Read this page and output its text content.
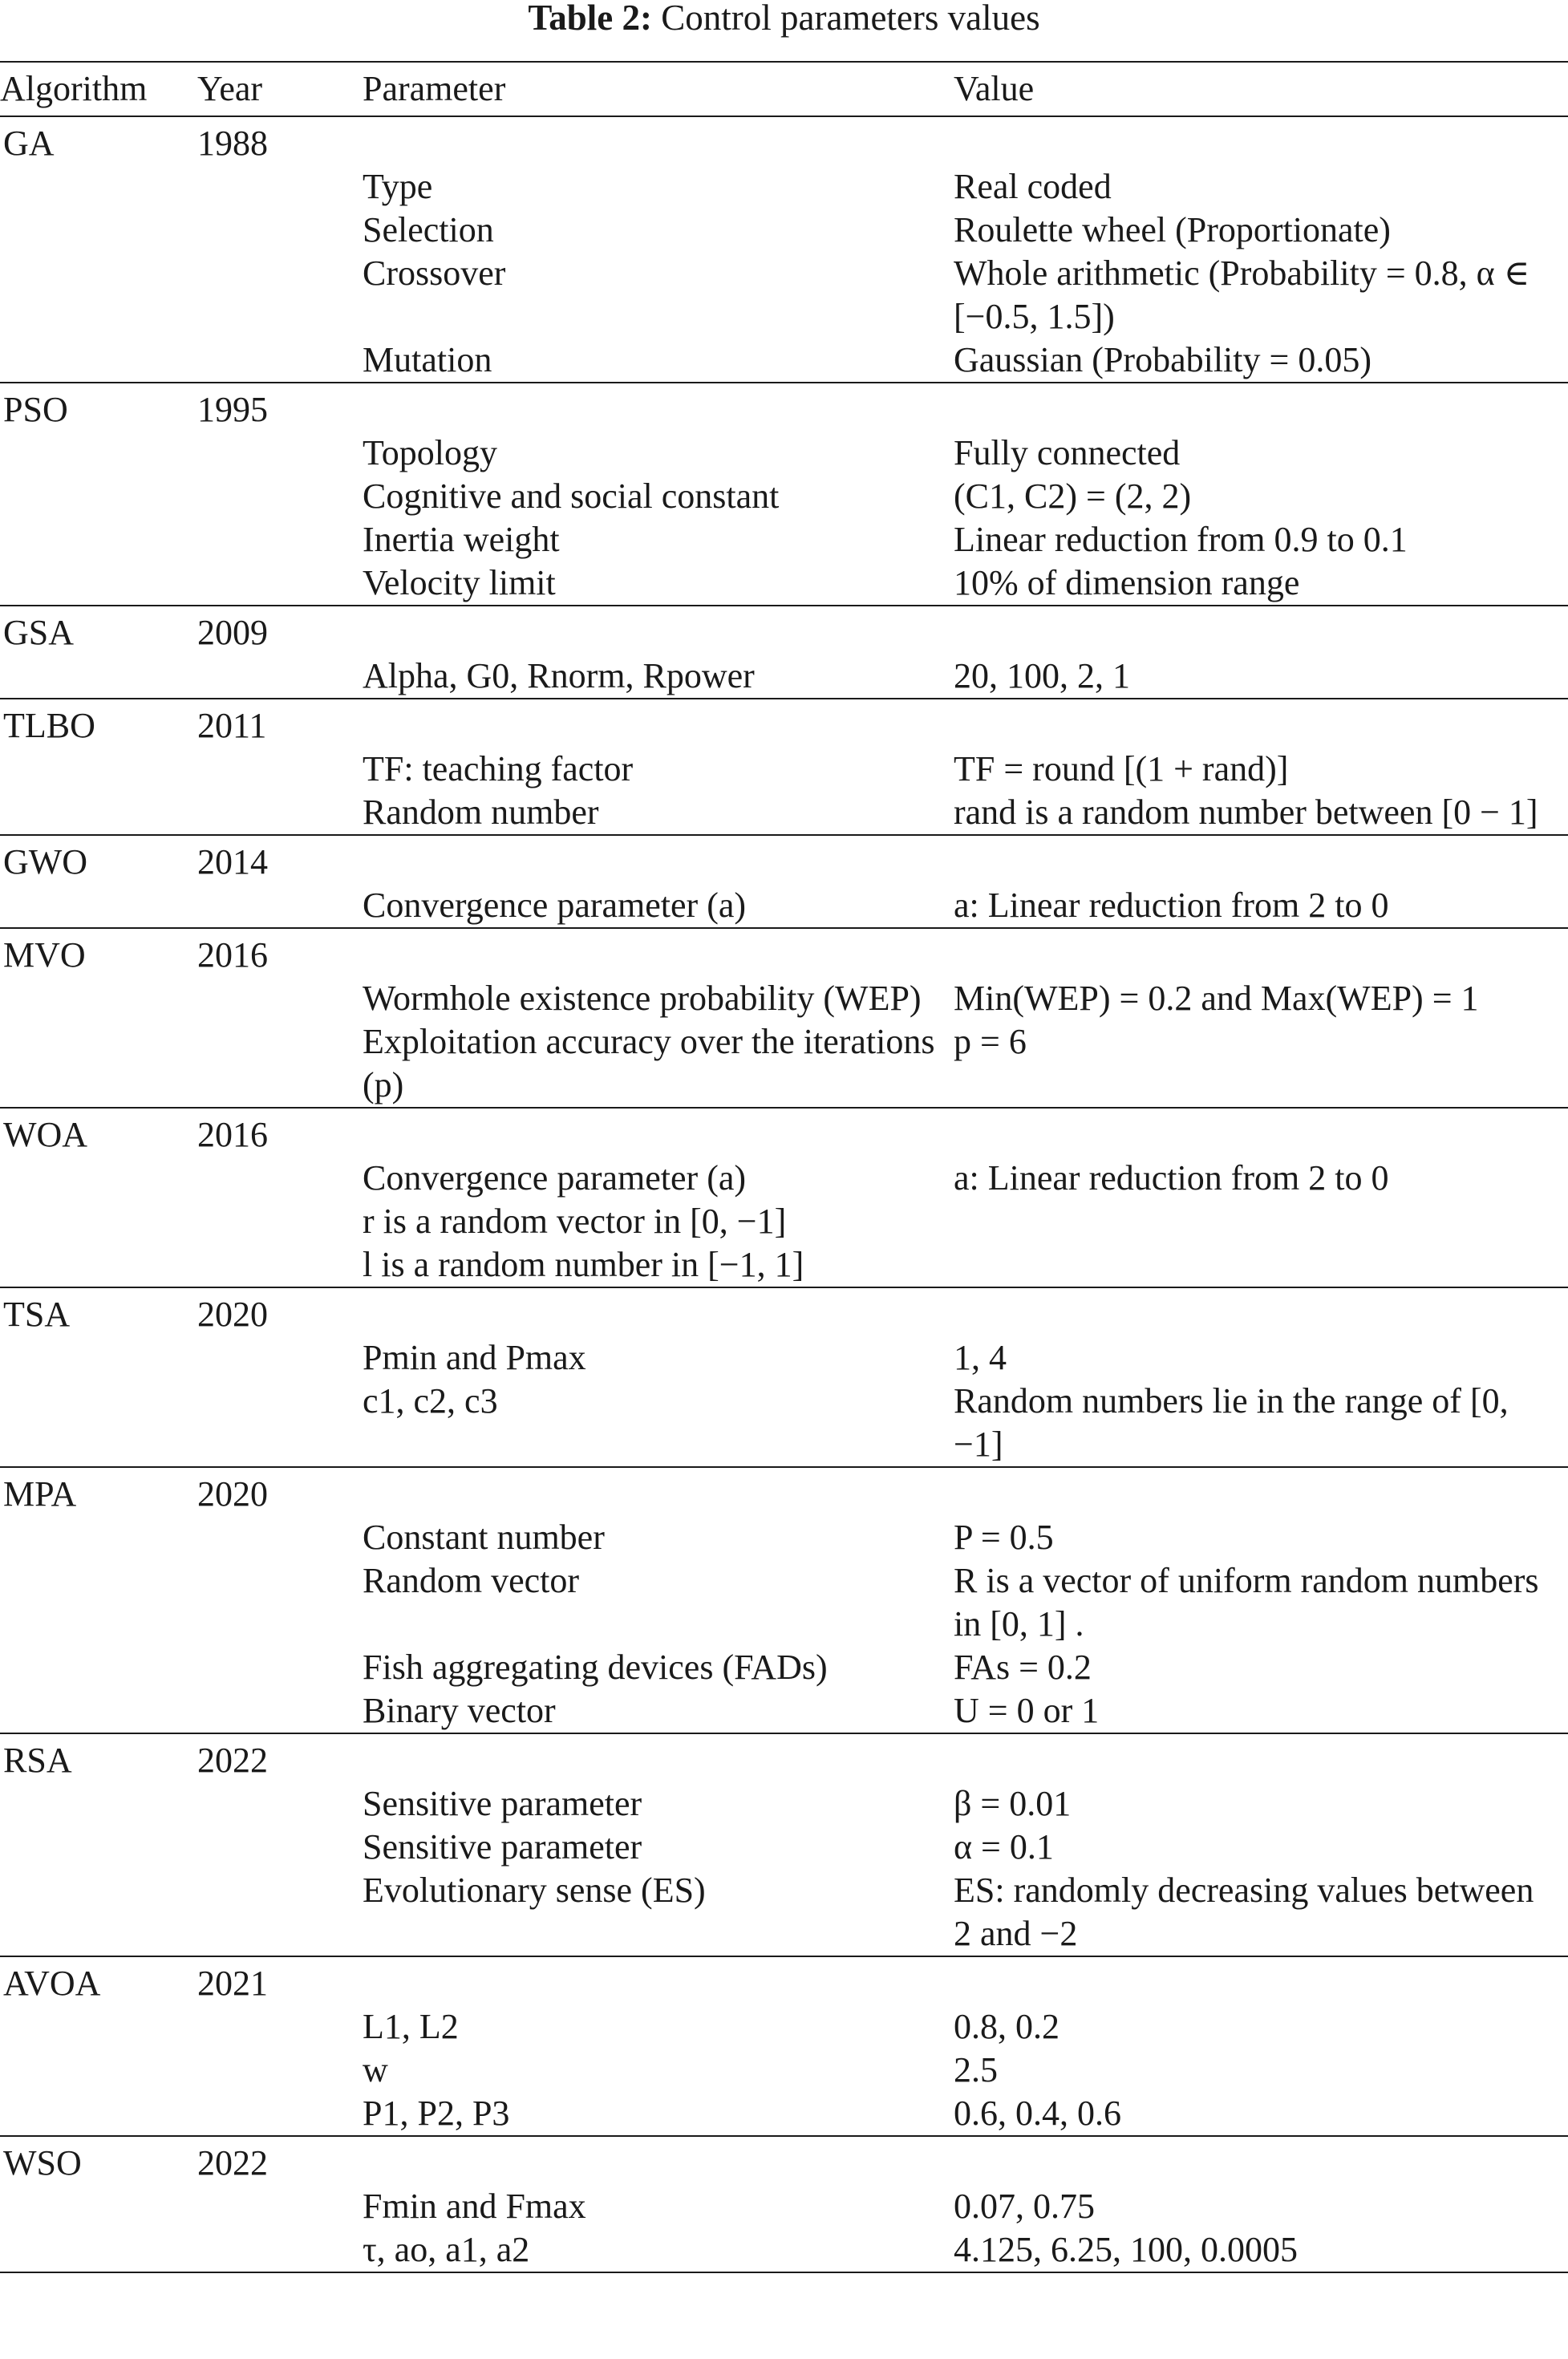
Table 2: Control parameters values
Algorithm	Year	Parameter	Value
GA	1988		
		Type	Real coded
		Selection	Roulette wheel (Proportionate)
		Crossover	Whole arithmetic (Probability = 0.8, α ∈ [−0.5, 1.5])
		Mutation	Gaussian (Probability = 0.05)
PSO	1995		
		Topology	Fully connected
		Cognitive and social constant	(C1, C2) = (2, 2)
		Inertia weight	Linear reduction from 0.9 to 0.1
		Velocity limit	10% of dimension range
GSA	2009		
		Alpha, G0, Rnorm, Rpower	20, 100, 2, 1
TLBO	2011		
		TF: teaching factor	TF = round [(1 + rand)]
		Random number	rand is a random number between [0 − 1]
GWO	2014		
		Convergence parameter (a)	a: Linear reduction from 2 to 0
MVO	2016		
		Wormhole existence probability (WEP)	Min(WEP) = 0.2 and Max(WEP) = 1
		Exploitation accuracy over the iterations (p)	p = 6
WOA	2016		
		Convergence parameter (a)	a: Linear reduction from 2 to 0
		r is a random vector in [0, −1]	
		l is a random number in [−1, 1]	
TSA	2020		
		Pmin and Pmax	1, 4
		c1, c2, c3	Random numbers lie in the range of [0, −1]
MPA	2020		
		Constant number	P = 0.5
		Random vector	R is a vector of uniform random numbers in [0, 1] .
		Fish aggregating devices (FADs)	FAs = 0.2
		Binary vector	U = 0 or 1
RSA	2022		
		Sensitive parameter	β = 0.01
		Sensitive parameter	α = 0.1
		Evolutionary sense (ES)	ES: randomly decreasing values between 2 and −2
AVOA	2021		
		L1, L2	0.8, 0.2
		w	2.5
		P1, P2, P3	0.6, 0.4, 0.6
WSO	2022		
		Fmin and Fmax	0.07, 0.75
		τ, ao, a1, a2	4.125, 6.25, 100, 0.0005
